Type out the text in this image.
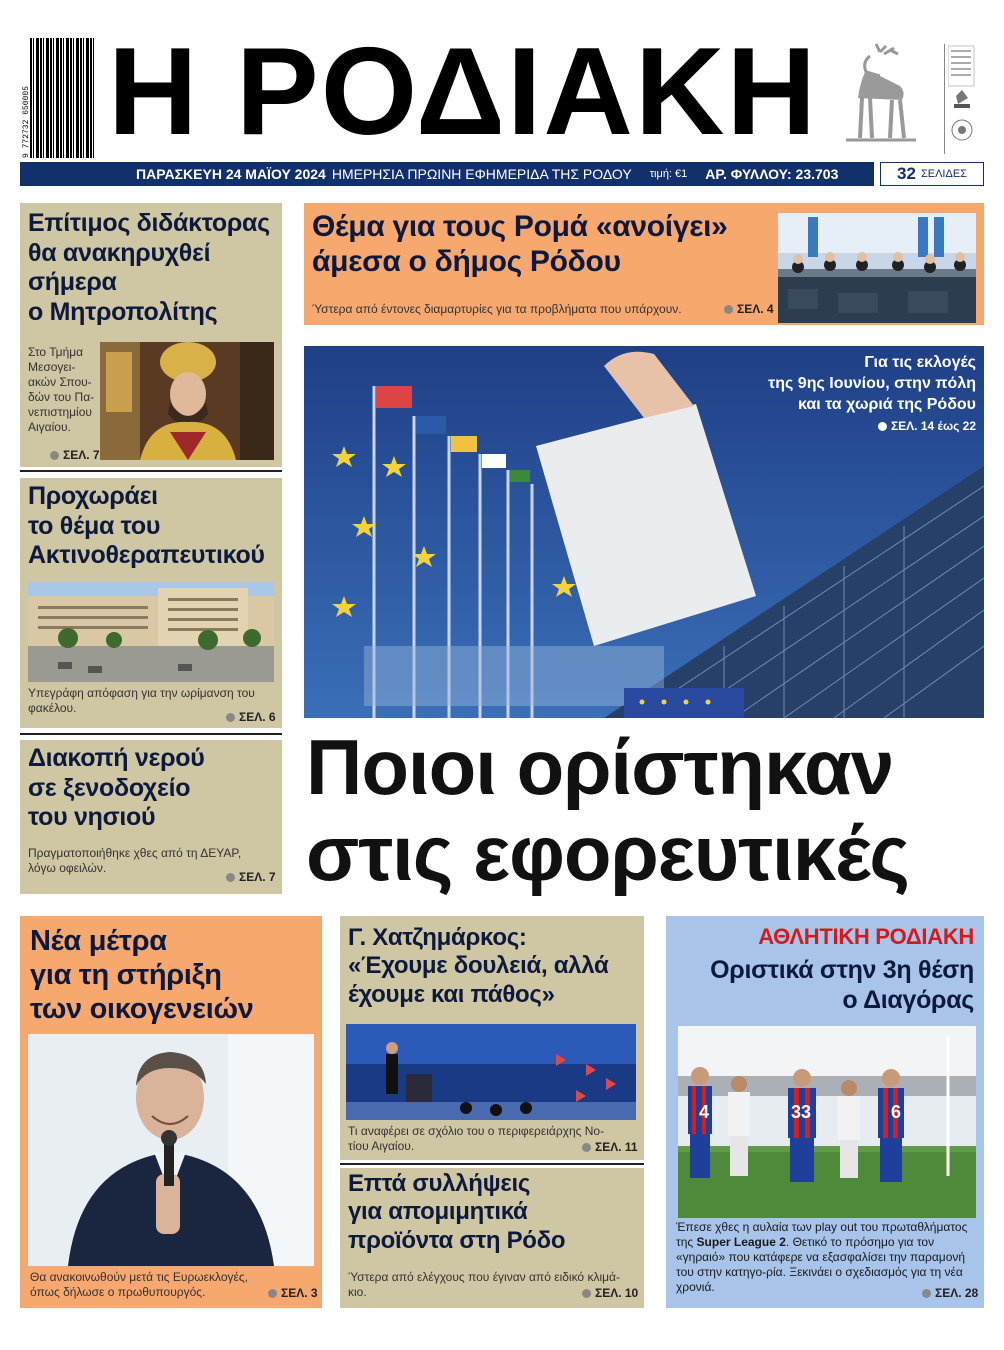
9 772732 650005 Η ΡΟΔΙΑΚΗ
ΠΑΡΑΣΚΕΥΗ 24 ΜΑΪΟΥ 2024 ΗΜΕΡΗΣΙΑ ΠΡΩΙΝΗ ΕΦΗΜΕΡΙΔΑ ΤΗΣ ΡΟΔΟΥ τιμή: €1 ΑΡ. ΦΥΛΛΟΥ: 23.703	32 ΣΕΛΙΔΕΣ
Επίτιμος διδάκτορας
θα ανακηρυχθεί
σήμερα
ο Μητροπολίτης
Στο Τμήμα
Μεσογει-
ακών Σπου-
δών του Πα-
νεπιστημίου
Αιγαίου.
ΣΕΛ. 7
Προχωράει
το θέμα του
Ακτινοθεραπευτικού
Υπεγράφη απόφαση για την ωρίμανση του
φακέλου.
ΣΕΛ. 6
Διακοπή νερού
σε ξενοδοχείο
του νησιού
Πραγματοποιήθηκε χθες από τη ΔΕΥΑΡ,
λόγω οφειλών.
ΣΕΛ. 7
Θέμα για τους Ρομά «ανοίγει»
άμεσα ο δήμος Ρόδου
Ύστερα από έντονες διαμαρτυρίες για τα προβλήματα που υπάρχουν.	ΣΕΛ. 4
Για τις εκλογές
της 9ης Ιουνίου, στην πόλη
και τα χωριά της Ρόδου
ΣΕΛ. 14 έως 22
Ποιοι ορίστηκαν
στις εφορευτικές
Νέα μέτρα
για τη στήριξη
των οικογενειών
Θα ανακοινωθούν μετά τις Ευρωεκλογές,
όπως δήλωσε ο πρωθυπουργός.	ΣΕΛ. 3
Γ. Χατζημάρκος:
«Έχουμε δουλειά, αλλά
έχουμε και πάθος»
Τι αναφέρει σε σχόλιο του ο περιφερειάρχης Νο-
τίου Αιγαίου.	ΣΕΛ. 11
Επτά συλλήψεις
για απομιμητικά
προϊόντα στη Ρόδο
Ύστερα από ελέγχους που έγιναν από ειδικό κλιμά-
κιο.	ΣΕΛ. 10
ΑΘΛΗΤΙΚΗ ΡΟΔΙΑΚΗ
Οριστικά στην 3η θέση
ο Διαγόρας
4	33	6
Έπεσε χθες η αυλαία των play out του πρωταθλήματος της Super League 2. Θετικό το πρόσημο για τον «γηραιό» που κατάφερε να εξασφαλίσει την παραμονή του στην κατηγο-ρία. Ξεκινάει ο σχεδιασμός για τη νέα χρονιά.	ΣΕΛ. 28
